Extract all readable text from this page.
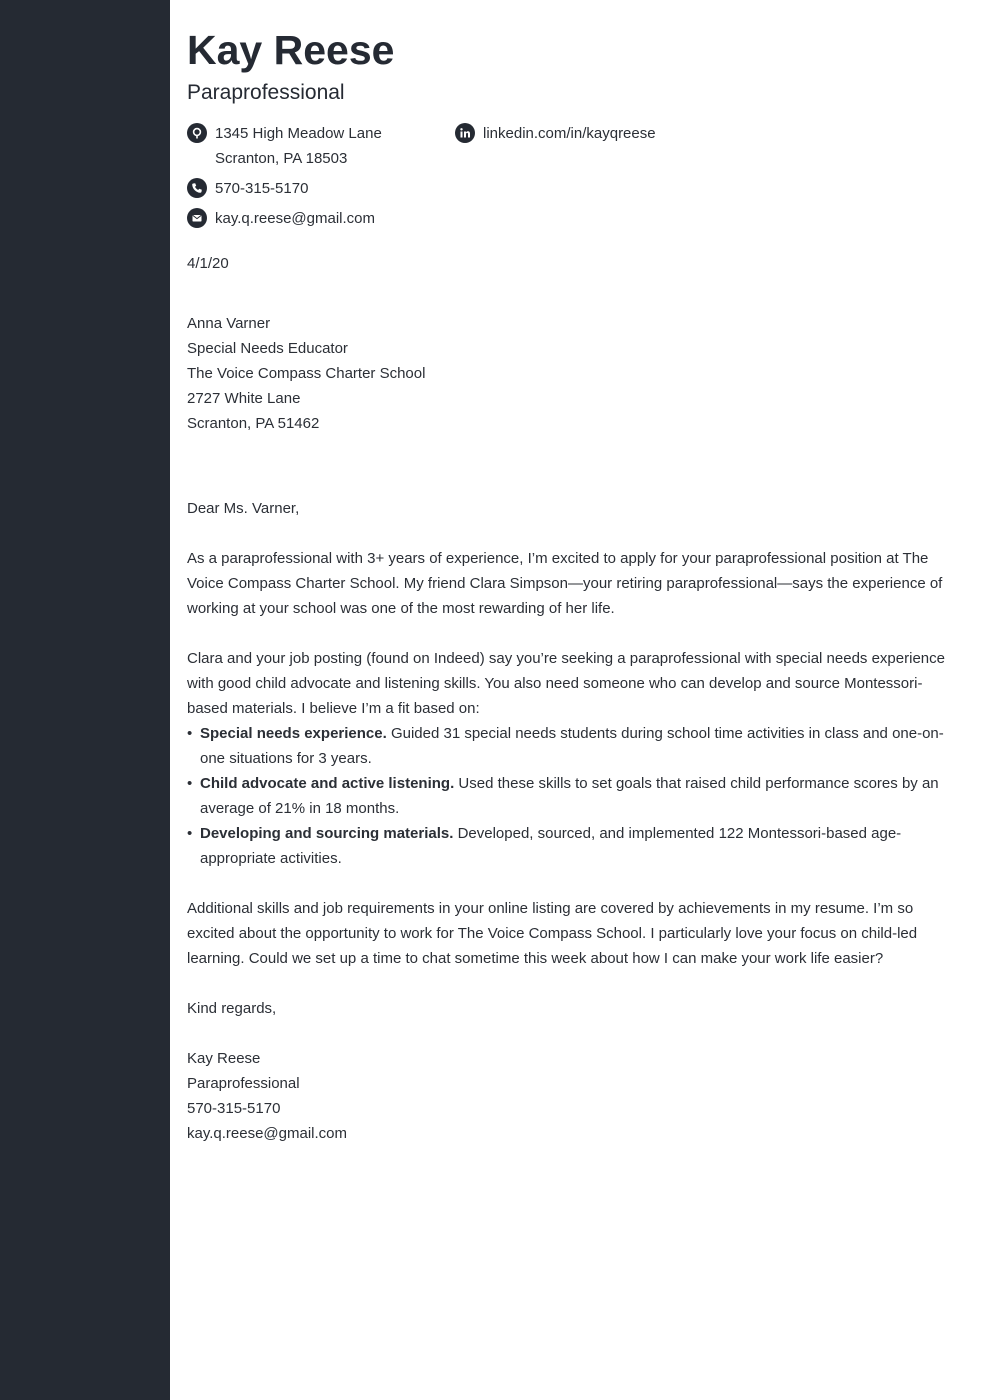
Kay Reese
Paraprofessional
1345 High Meadow Lane
Scranton, PA 18503
linkedin.com/in/kayqreese
570-315-5170
kay.q.reese@gmail.com
4/1/20
Anna Varner
Special Needs Educator
The Voice Compass Charter School
2727 White Lane
Scranton, PA 51462
Dear Ms. Varner,

As a paraprofessional with 3+ years of experience, I’m excited to apply for your paraprofessional position at The Voice Compass Charter School. My friend Clara Simpson—your retiring paraprofessional—says the experience of working at your school was one of the most rewarding of her life.

Clara and your job posting (found on Indeed) say you’re seeking a paraprofessional with special needs experience with good child advocate and listening skills. You also need someone who can develop and source Montessori-based materials. I believe I’m a fit based on:

• Special needs experience. Guided 31 special needs students during school time activities in class and one-on-one situations for 3 years.
• Child advocate and active listening. Used these skills to set goals that raised child performance scores by an average of 21% in 18 months.
• Developing and sourcing materials. Developed, sourced, and implemented 122 Montessori-based age-appropriate activities.

Additional skills and job requirements in your online listing are covered by achievements in my resume. I’m so excited about the opportunity to work for The Voice Compass School. I particularly love your focus on child-led learning. Could we set up a time to chat sometime this week about how I can make your work life easier?

Kind regards,
Kay Reese
Paraprofessional
570-315-5170
kay.q.reese@gmail.com
